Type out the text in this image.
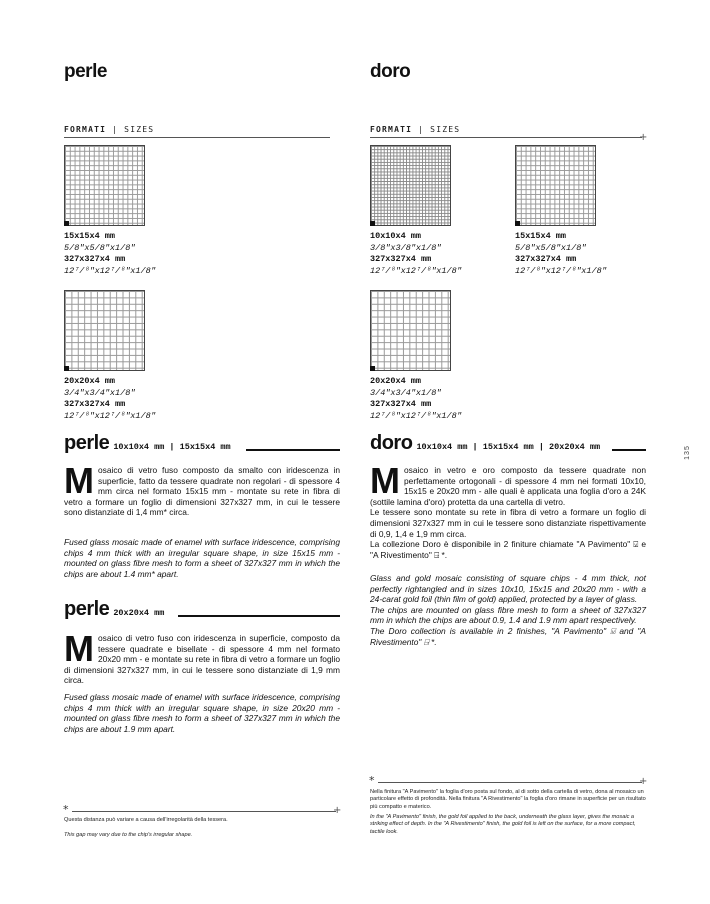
perle
FORMATI | SIZES
15x15x4 mm
5/8"x5/8"x1/8"
327x327x4 mm
12⁷/⁸"x12⁷/⁸"x1/8"
20x20x4 mm
3/4"x3/4"x1/8"
327x327x4 mm
12⁷/⁸"x12⁷/⁸"x1/8"
perle 10x10x4 mm | 15x15x4 mm
Mosaico di vetro fuso composto da smalto con iridescenza in superficie, fatto da tessere quadrate non regolari - di spessore 4 mm circa nel formato 15x15 mm - montate su rete in fibra di vetro a formare un foglio di dimensioni 327x327 mm, in cui le tessere sono distanziate di 1,4 mm* circa.
Fused glass mosaic made of enamel with surface iridescence, comprising chips 4 mm thick with an irregular square shape, in size 15x15 mm - mounted on glass fibre mesh to form a sheet of 327x327 mm in which the chips are about 1.4 mm* apart.
perle 20x20x4 mm
Mosaico di vetro fuso con iridescenza in superficie, composto da tessere quadrate e bisellate - di spessore 4 mm nel formato 20x20 mm - e montate su rete in fibra di vetro a formare un foglio di dimensioni 327x327 mm, in cui le tessere sono distanziate di 1,9 mm circa.
Fused glass mosaic made of enamel with surface iridescence, comprising chips 4 mm thick with an irregular square shape, in size 20x20 mm - mounted on glass fibre mesh to form a sheet of 327x327 mm in which the chips are about 1.9 mm apart.
*	+
Questa distanza può variare a causa dell'irregolarità della tessera.
This gap may vary due to the chip's irregular shape.
doro
FORMATI | SIZES
+
10x10x4 mm
3/8"x3/8"x1/8"
327x327x4 mm
12⁷/⁸"x12⁷/⁸"x1/8"
15x15x4 mm
5/8"x5/8"x1/8"
327x327x4 mm
12⁷/⁸"x12⁷/⁸"x1/8"
20x20x4 mm
3/4"x3/4"x1/8"
327x327x4 mm
12⁷/⁸"x12⁷/⁸"x1/8"
doro 10x10x4 mm | 15x15x4 mm | 20x20x4 mm
Mosaico in vetro e oro composto da tessere quadrate non perfettamente ortogonali - di spessore 4 mm nei formati 10x10, 15x15 e 20x20 mm - alle quali è applicata una foglia d'oro a 24K (sottile lamina d'oro) protetta da una cartella di vetro.
Le tessere sono montate su rete in fibra di vetro a formare un foglio di dimensioni 327x327 mm in cui le tessere sono distanziate rispettivamente di 0,9, 1,4 e 1,9 mm circa.
La collezione Doro è disponibile in 2 finiture chiamate "A Pavimento" ⍌ e "A Rivestimento" ⍈ *.
Glass and gold mosaic consisting of square chips - 4 mm thick, not perfectly rightangled and in sizes 10x10, 15x15 and 20x20 mm - with a 24-carat gold foil (thin film of gold) applied, protected by a layer of glass.
The chips are mounted on glass fibre mesh to form a sheet of 327x327 mm in which the chips are about 0.9, 1.4 and 1.9 mm apart respectively.
The Doro collection is available in 2 finishes, "A Pavimento" ⍌ and "A Rivestimento" ⍈ *.
*	+
Nella finitura "A Pavimento" la foglia d'oro posta sul fondo, al di sotto della cartella di vetro, dona al mosaico un particolare effetto di profondità. Nella finitura "A Rivestimento" la foglia d'oro rimane in superficie per un risultato più compatto e materico.
In the "A Pavimento" finish, the gold foil applied to the back, underneath the glass layer, gives the mosaic a striking effect of depth. In the "A Rivestimento" finish, the gold foil is left on the surface, for a more compact, tactile look.
135
